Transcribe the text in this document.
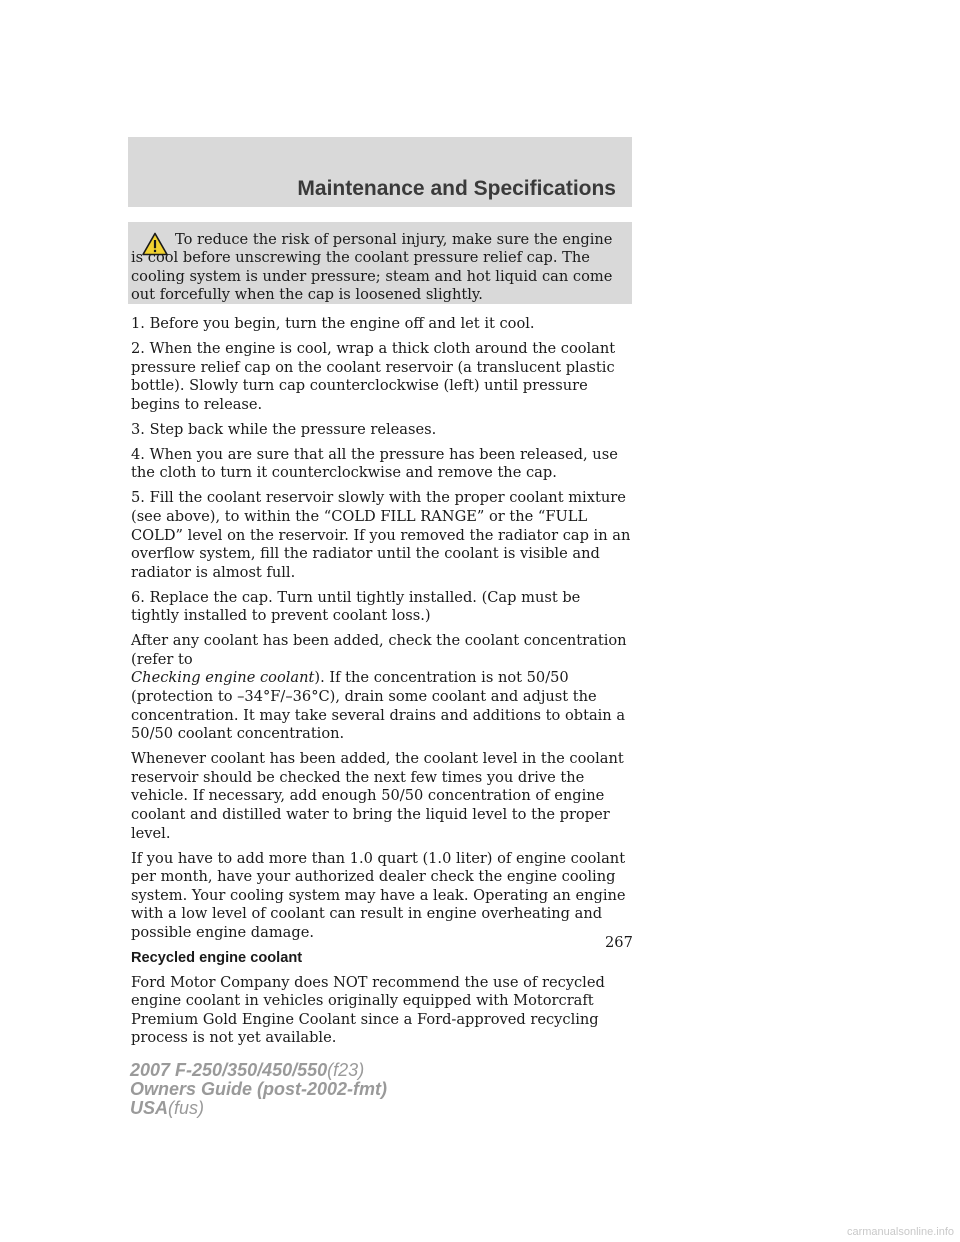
Maintenance and Specifications

To reduce the risk of personal injury, make sure the engine is cool before unscrewing the coolant pressure relief cap. The cooling system is under pressure; steam and hot liquid can come out forcefully when the cap is loosened slightly.

1. Before you begin, turn the engine off and let it cool.

2. When the engine is cool, wrap a thick cloth around the coolant pressure relief cap on the coolant reservoir (a translucent plastic bottle). Slowly turn cap counterclockwise (left) until pressure begins to release.

3. Step back while the pressure releases.

4. When you are sure that all the pressure has been released, use the cloth to turn it counterclockwise and remove the cap.

5. Fill the coolant reservoir slowly with the proper coolant mixture (see above), to within the “COLD FILL RANGE” or the “FULL COLD” level on the reservoir. If you removed the radiator cap in an overflow system, fill the radiator until the coolant is visible and radiator is almost full.

6. Replace the cap. Turn until tightly installed. (Cap must be tightly installed to prevent coolant loss.)

After any coolant has been added, check the coolant concentration (refer to
Checking engine coolant). If the concentration is not 50/50 (protection to –34°F/–36°C), drain some coolant and adjust the concentration. It may take several drains and additions to obtain a 50/50 coolant concentration.

Whenever coolant has been added, the coolant level in the coolant reservoir should be checked the next few times you drive the vehicle. If necessary, add enough 50/50 concentration of engine coolant and distilled water to bring the liquid level to the proper level.

If you have to add more than 1.0 quart (1.0 liter) of engine coolant per month, have your authorized dealer check the engine cooling system. Your cooling system may have a leak. Operating an engine with a low level of coolant can result in engine overheating and possible engine damage.

Recycled engine coolant

Ford Motor Company does NOT recommend the use of recycled engine coolant in vehicles originally equipped with Motorcraft Premium Gold Engine Coolant since a Ford-approved recycling process is not yet available.

267
2007 F-250/350/450/550(f23)
Owners Guide (post-2002-fmt)
USA(fus)
carmanualsonline.info
